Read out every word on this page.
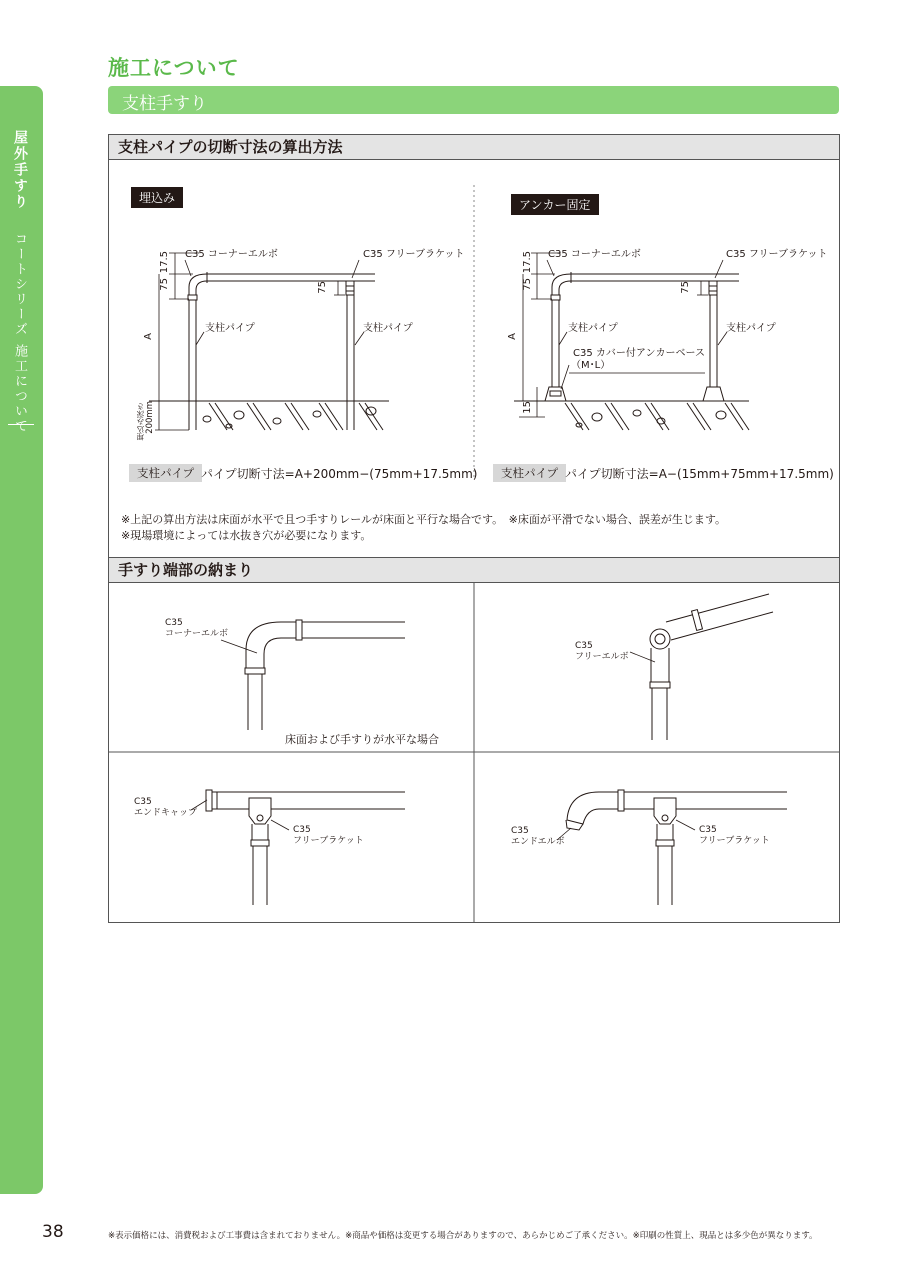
屋外手すり
コートシリーズ
施工について
施工について
支柱手すり
支柱パイプの切断寸法の算出方法
埋込み
C35 コーナーエルボ	C35 フリーブラケット
支柱パイプ	支柱パイプ
17.5
75	75
A
埋込み深さ 200mm
支柱パイプ パイプ切断寸法=A+200mm−(75mm+17.5mm)
アンカー固定
C35 コーナーエルボ	C35 フリーブラケット
支柱パイプ	支柱パイプ
C35 カバー付アンカーベース
（M･L）
17.5
75	75
A
15
支柱パイプ パイプ切断寸法=A−(15mm+75mm+17.5mm)
※上記の算出方法は床面が水平で且つ手すりレールが床面と平行な場合です。　※床面が平滑でない場合、誤差が生じます。
※現場環境によっては水抜き穴が必要になります。
手すり端部の納まり
C35
コーナーエルボ
床面および手すりが水平な場合
C35
フリーエルボ
C35
エンドキャップ
C35
フリーブラケット
C35
エンドエルボ
C35
フリーブラケット
38	※表示価格には、消費税および工事費は含まれておりません。※商品や価格は変更する場合がありますので、あらかじめご了承ください。※印刷の性質上、現品とは多少色が異なります。
